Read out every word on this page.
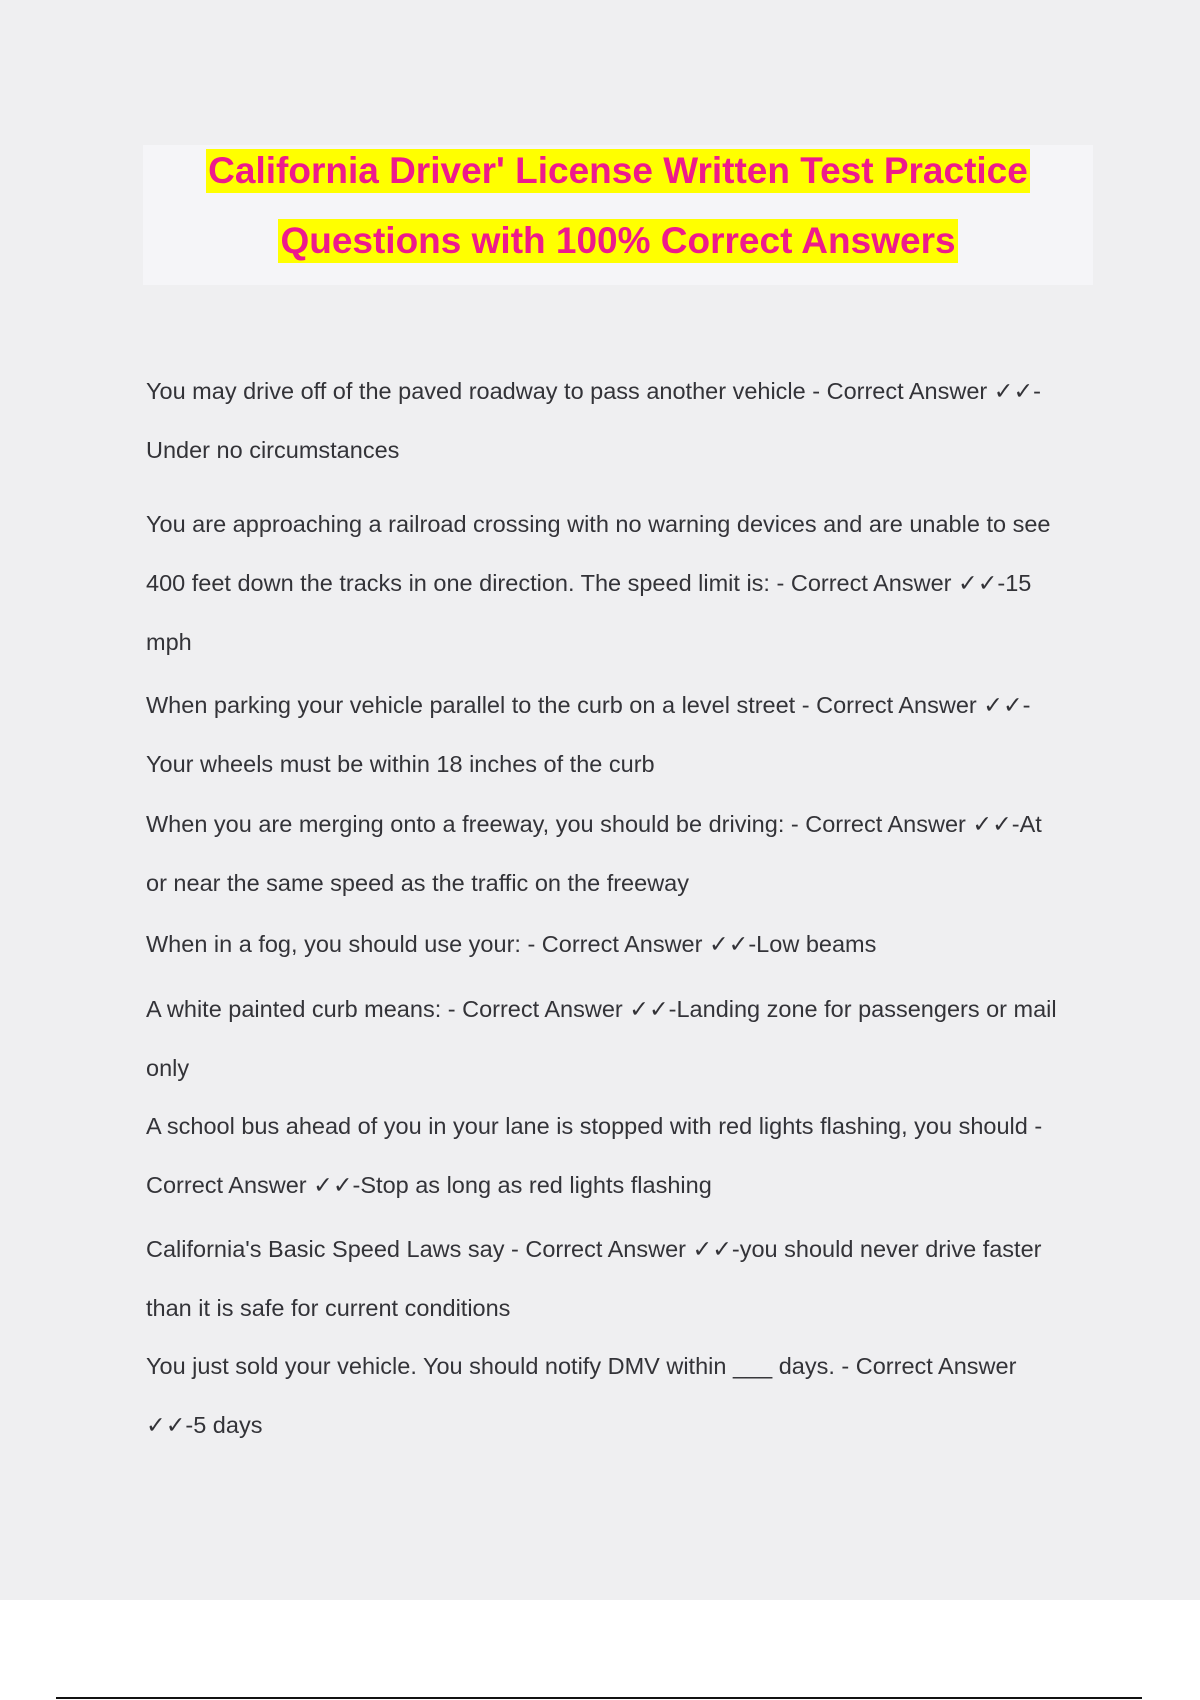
California Driver' License Written Test Practice
Questions with 100% Correct Answers
You may drive off of the paved roadway to pass another vehicle - Correct Answer ✓✓-
Under no circumstances
You are approaching a railroad crossing with no warning devices and are unable to see
400 feet down the tracks in one direction. The speed limit is: - Correct Answer ✓✓-15
mph
When parking your vehicle parallel to the curb on a level street - Correct Answer ✓✓-
Your wheels must be within 18 inches of the curb
When you are merging onto a freeway, you should be driving: - Correct Answer ✓✓-At
or near the same speed as the traffic on the freeway
When in a fog, you should use your: - Correct Answer ✓✓-Low beams
A white painted curb means: - Correct Answer ✓✓-Landing zone for passengers or mail
only
A school bus ahead of you in your lane is stopped with red lights flashing, you should -
Correct Answer ✓✓-Stop as long as red lights flashing
California's Basic Speed Laws say - Correct Answer ✓✓-you should never drive faster
than it is safe for current conditions
You just sold your vehicle. You should notify DMV within ___ days. - Correct Answer
✓✓-5 days
